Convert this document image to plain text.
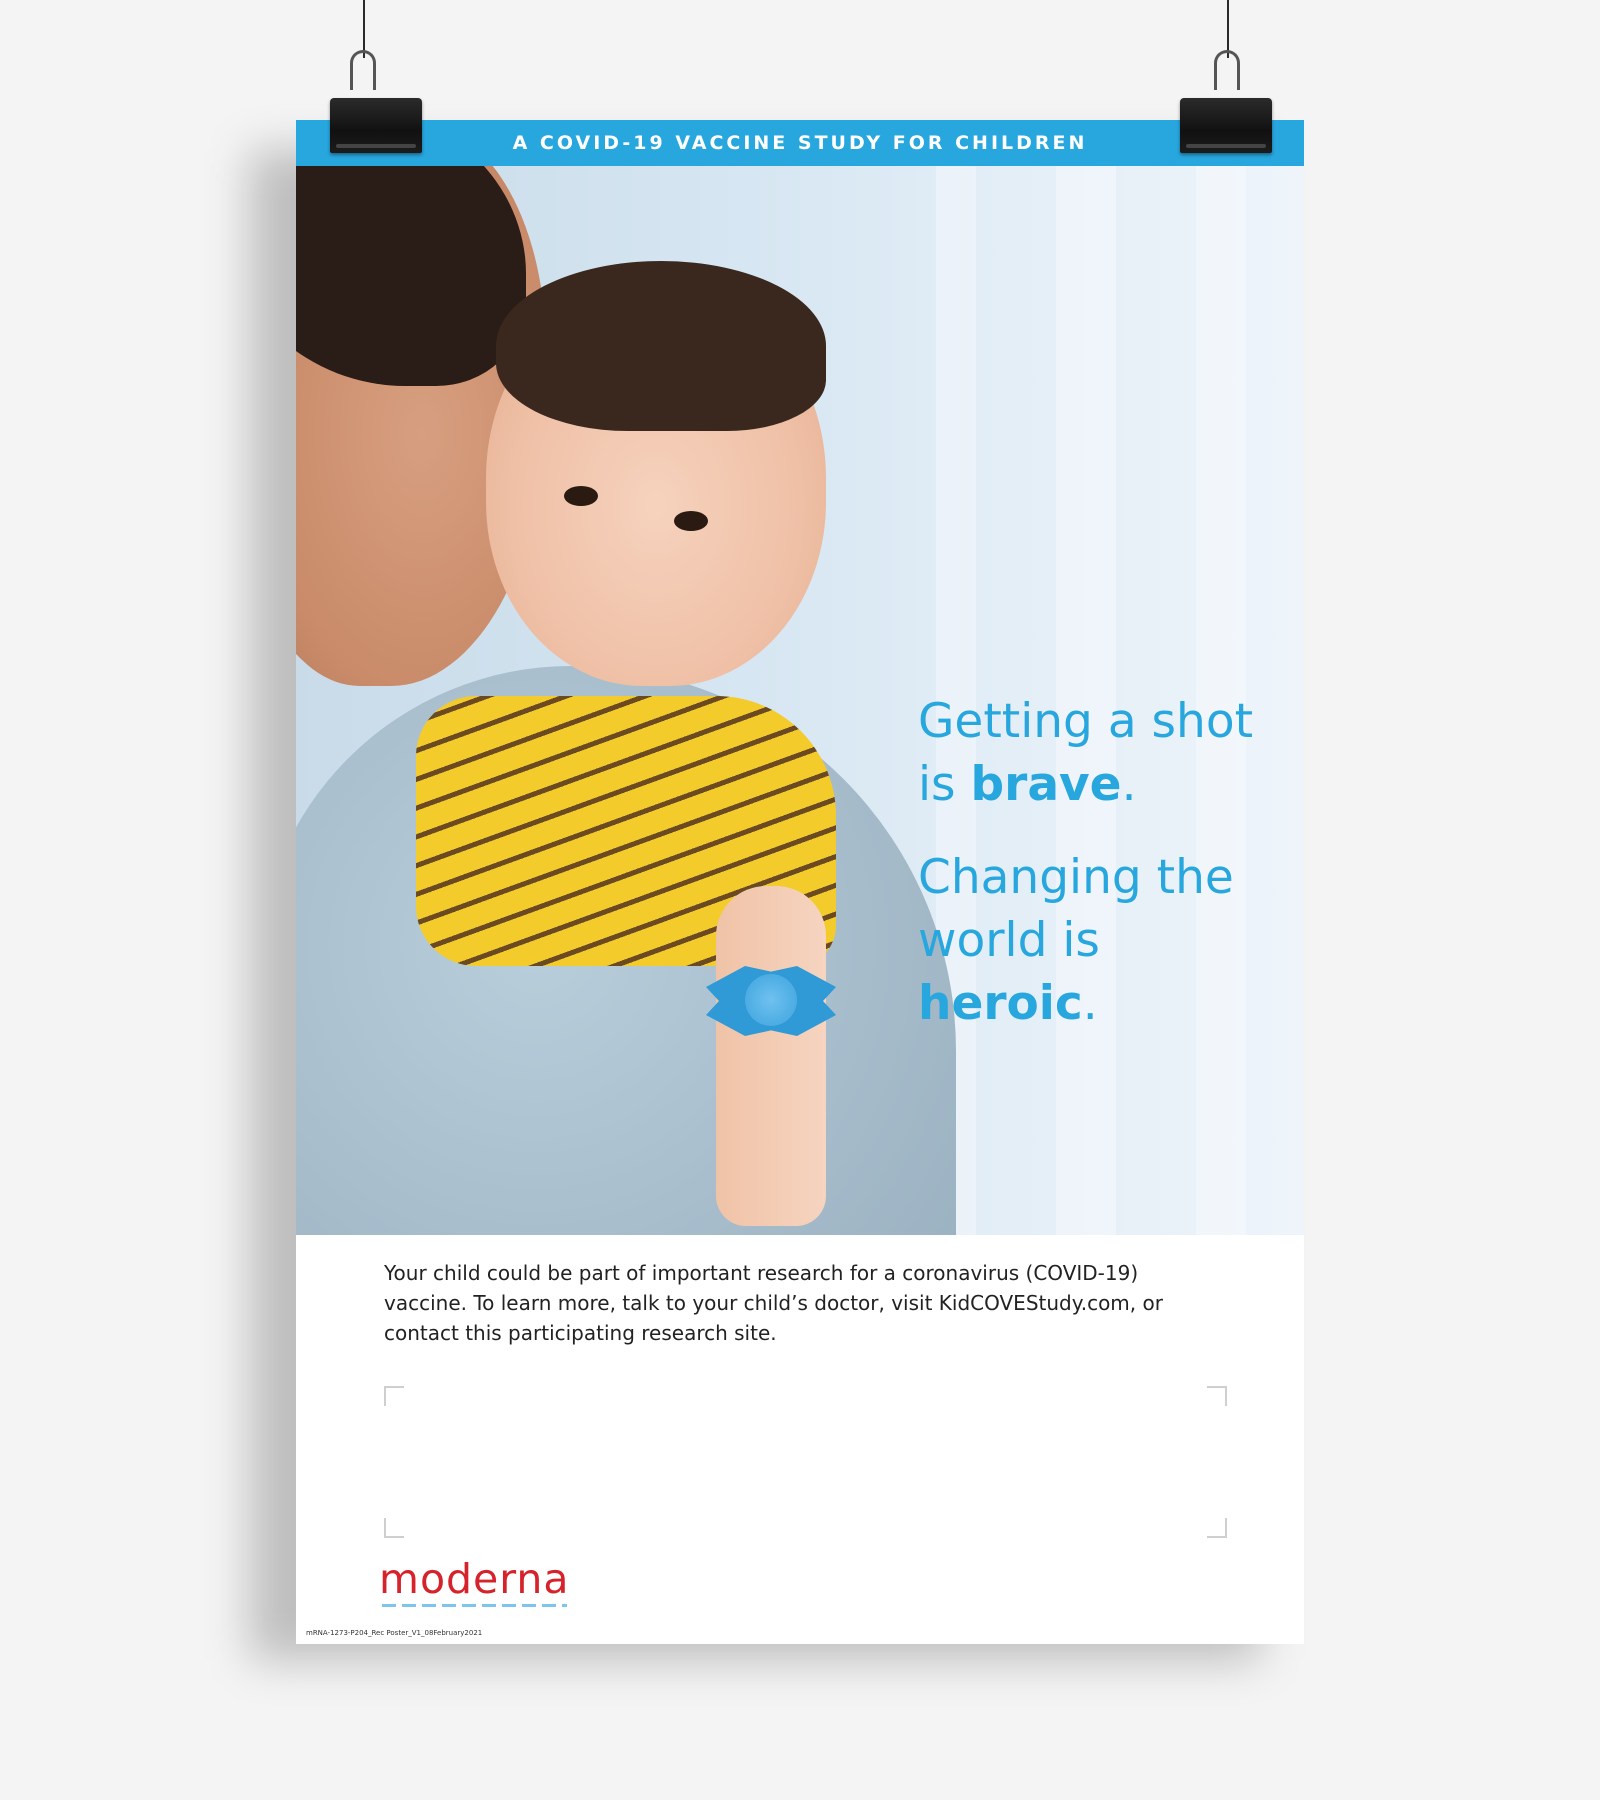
A COVID-19 VACCINE STUDY FOR CHILDREN

Getting a shot is brave.

Changing the world is heroic.

Your child could be part of important research for a coronavirus (COVID-19) vaccine. To learn more, talk to your child’s doctor, visit KidCOVEStudy.com, or contact this participating research site.
moderna
mRNA-1273-P204_Rec Poster_V1_08February2021
